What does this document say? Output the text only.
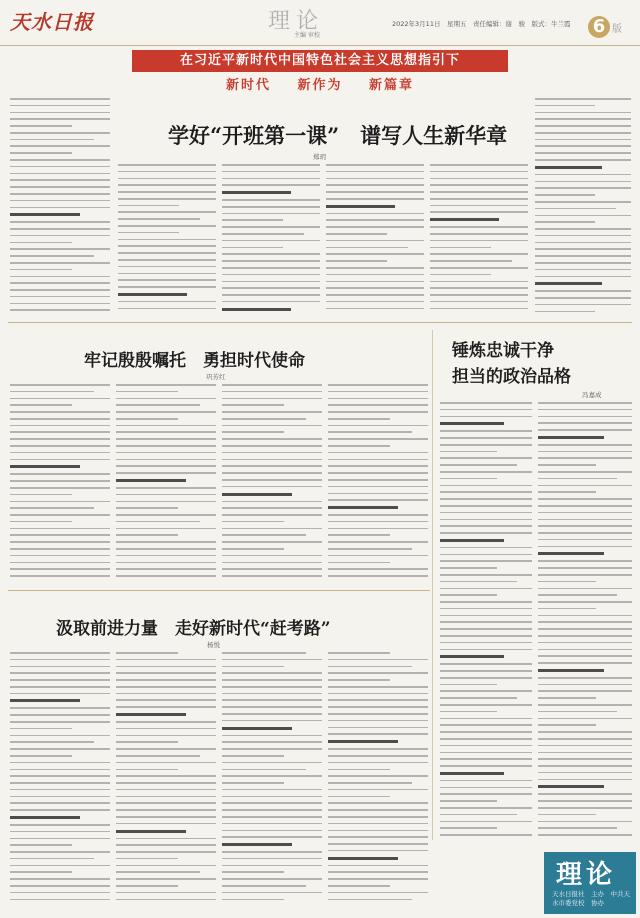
天水日报	理论
主编 审校
2022年3月11日　星期五　责任编辑：谢　骏　版式：牛兰霞 6 版
在习近平新时代中国特色社会主义思想指引下
新时代 新作为 新篇章
学好“开班第一课”　谱写人生新华章
郑玥
牢记殷殷嘱托　勇担时代使命
巩芳红
锤炼忠诚干净
担当的政治品格
冯嘉成
汲取前进力量　走好新时代“赶考路”
杨悦
理论
天水日报社　主办　中共天水市委党校　协办
